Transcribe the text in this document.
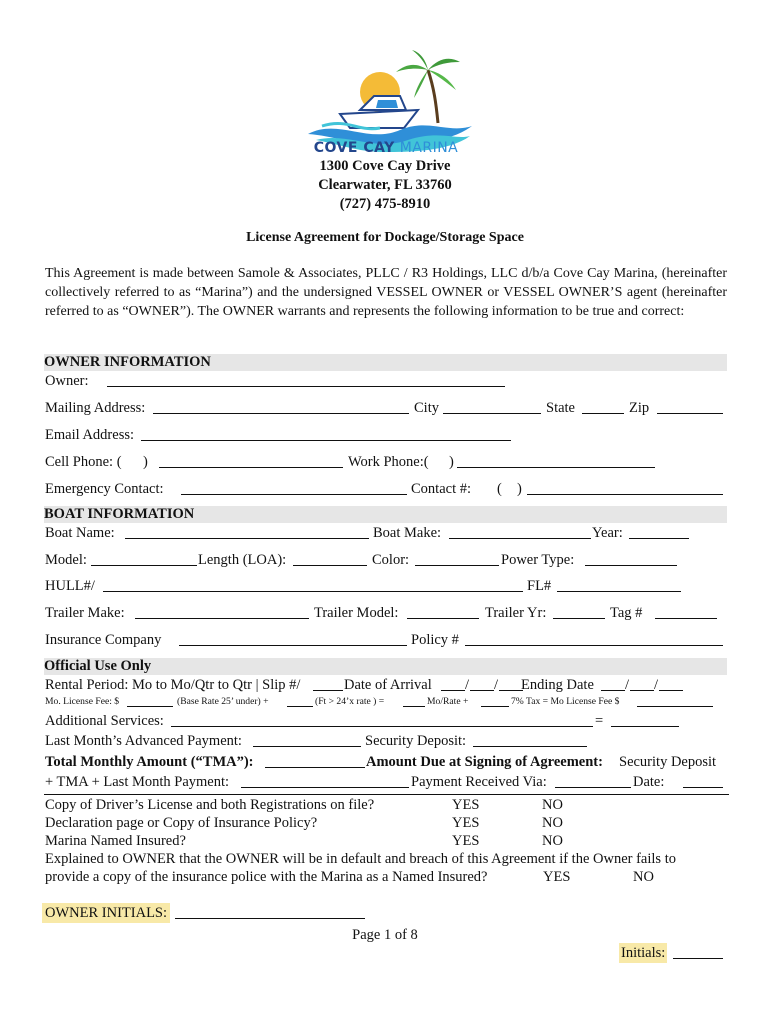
COVE CAY MARINA
1300 Cove Cay Drive
Clearwater, FL 33760
(727) 475-8910
License Agreement for Dockage/Storage Space
This Agreement is made between Samole & Associates, PLLC / R3 Holdings, LLC d/b/a Cove Cay Marina, (hereinafter collectively referred to as “Marina”) and the undersigned VESSEL OWNER or VESSEL OWNER’S agent (hereinafter referred to as “OWNER”). The OWNER warrants and represents the following information to be true and correct:
OWNER INFORMATION
Owner:
Mailing Address:	City	State	Zip
Email Address:
Cell Phone: ( )	Work Phone:( )
Emergency Contact:	Contact #: ( )
BOAT INFORMATION
Boat Name:	Boat Make:	Year:
Model:	Length (LOA):	Color:	Power Type:
HULL#/	FL#
Trailer Make:	Trailer Model:	Trailer Yr:	Tag #
Insurance Company	Policy #
Official Use Only
Rental Period: Mo to Mo/Qtr to Qtr | Slip #/	Date of Arrival / / Ending Date / /
Mo. License Fee: $	(Base Rate 25’ under) +	(Ft > 24’x rate ) =	Mo/Rate +	7% Tax = Mo License Fee $
Additional Services:	=
Last Month’s Advanced Payment:	Security Deposit:
Total Monthly Amount (“TMA”):	Amount Due at Signing of Agreement: Security Deposit
+ TMA + Last Month Payment:	Payment Received Via:	Date:
Copy of Driver’s License and both Registrations on file?	YES	NO
Declaration page or Copy of Insurance Policy?	YES	NO
Marina Named Insured?	YES	NO
Explained to OWNER that the OWNER will be in default and breach of this Agreement if the Owner fails to
provide a copy of the insurance police with the Marina as a Named Insured?	YES	NO
OWNER INITIALS:
Page 1 of 8
Initials:
